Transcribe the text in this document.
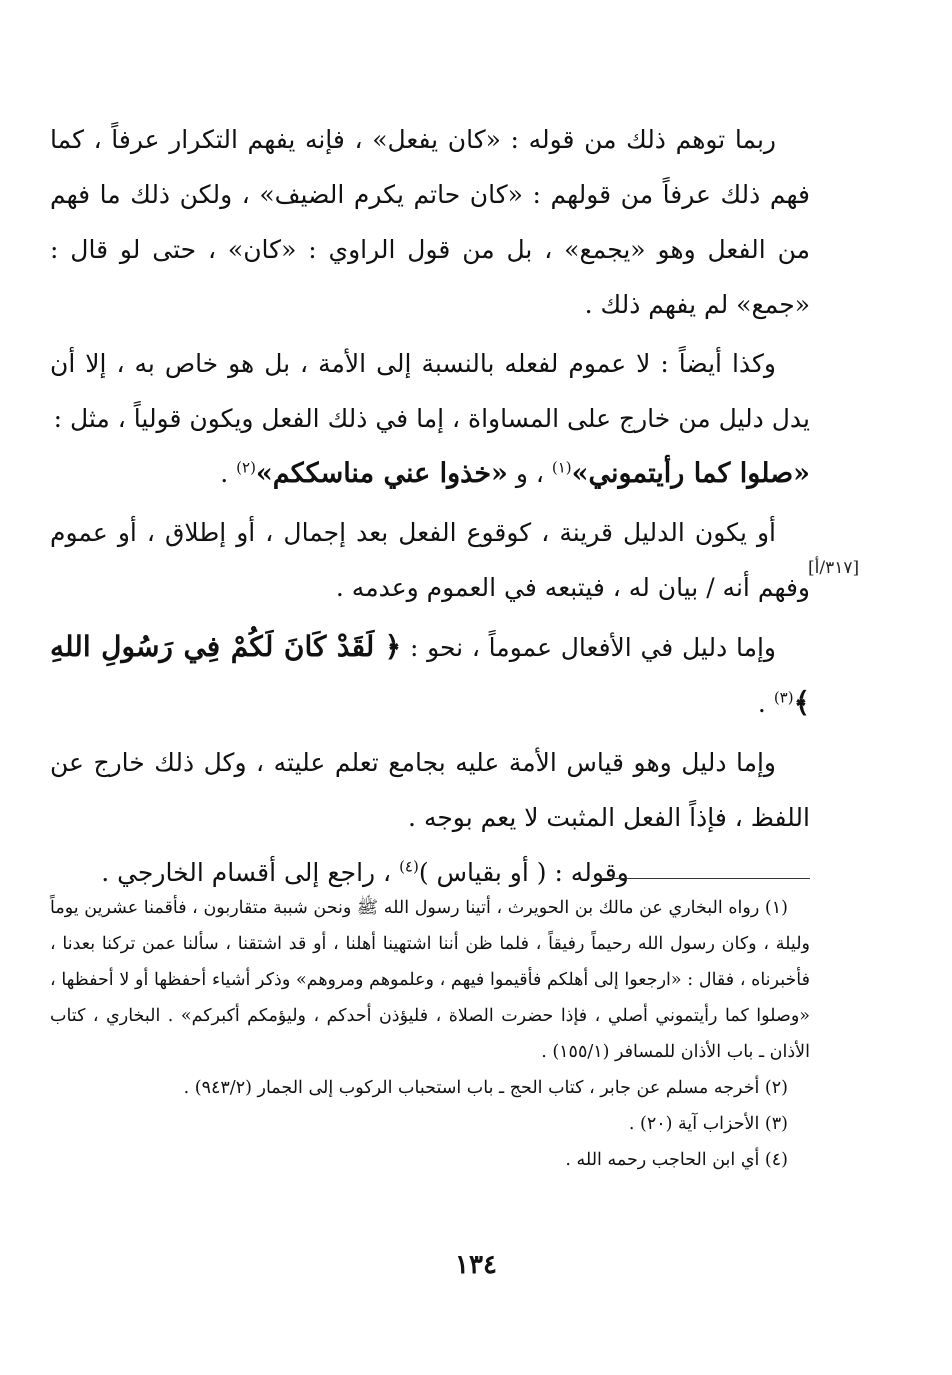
ربما توهم ذلك من قوله : «كان يفعل» ، فإنه يفهم التكرار عرفاً ، كما فهم ذلك عرفاً من قولهم : «كان حاتم يكرم الضيف» ، ولكن ذلك ما فهم من الفعل وهو «يجمع» ، بل من قول الراوي : «كان» ، حتى لو قال : «جمع» لم يفهم ذلك .

وكذا أيضاً : لا عموم لفعله بالنسبة إلى الأمة ، بل هو خاص به ، إلا أن يدل دليل من خارج على المساواة ، إما في ذلك الفعل ويكون قولياً ، مثل :

«صلوا كما رأيتموني»$^{(١)}$ ، و «خذوا عني مناسككم»$^{(٢)}$ .

أو يكون الدليل قرينة ، كوقوع الفعل بعد إجمال ، أو إطلاق ، أو عموم وفهم أنه / بيان له ، فيتبعه في العموم وعدمه .

وإما دليل في الأفعال عموماً ، نحو : ﴿ لَقَدْ كَانَ لَكُمْ فِي رَسُولِ اللهِ ﴾$^{(٣)}$ .

وإما دليل وهو قياس الأمة عليه بجامع تعلم عليته ، وكل ذلك خارج عن اللفظ ، فإذاً الفعل المثبت لا يعم بوجه .

وقوله : ( أو بقياس )$^{(٤)}$ ، راجع إلى أقسام الخارجي .

[٣١٧/أ]

(١) رواه البخاري عن مالك بن الحويرث ، أتينا رسول الله ﷺ ونحن شببة متقاربون ، فأقمنا عشرين يوماً وليلة ، وكان رسول الله رحيماً رفيقاً ، فلما ظن أننا اشتهينا أهلنا ، أو قد اشتقنا ، سألنا عمن تركنا بعدنا ، فأخبرناه ، فقال : «ارجعوا إلى أهلكم فأقيموا فيهم ، وعلموهم ومروهم» وذكر أشياء أحفظها أو لا أحفظها ، «وصلوا كما رأيتموني أصلي ، فإذا حضرت الصلاة ، فليؤذن أحدكم ، وليؤمكم أكبركم» . البخاري ، كتاب الأذان ـ باب الأذان للمسافر (١٥٥/١) .

(٢) أخرجه مسلم عن جابر ، كتاب الحج ـ باب استحباب الركوب إلى الجمار (٩٤٣/٢) .

(٣) الأحزاب آية (٢٠) .

(٤) أي ابن الحاجب رحمه الله .

١٣٤
